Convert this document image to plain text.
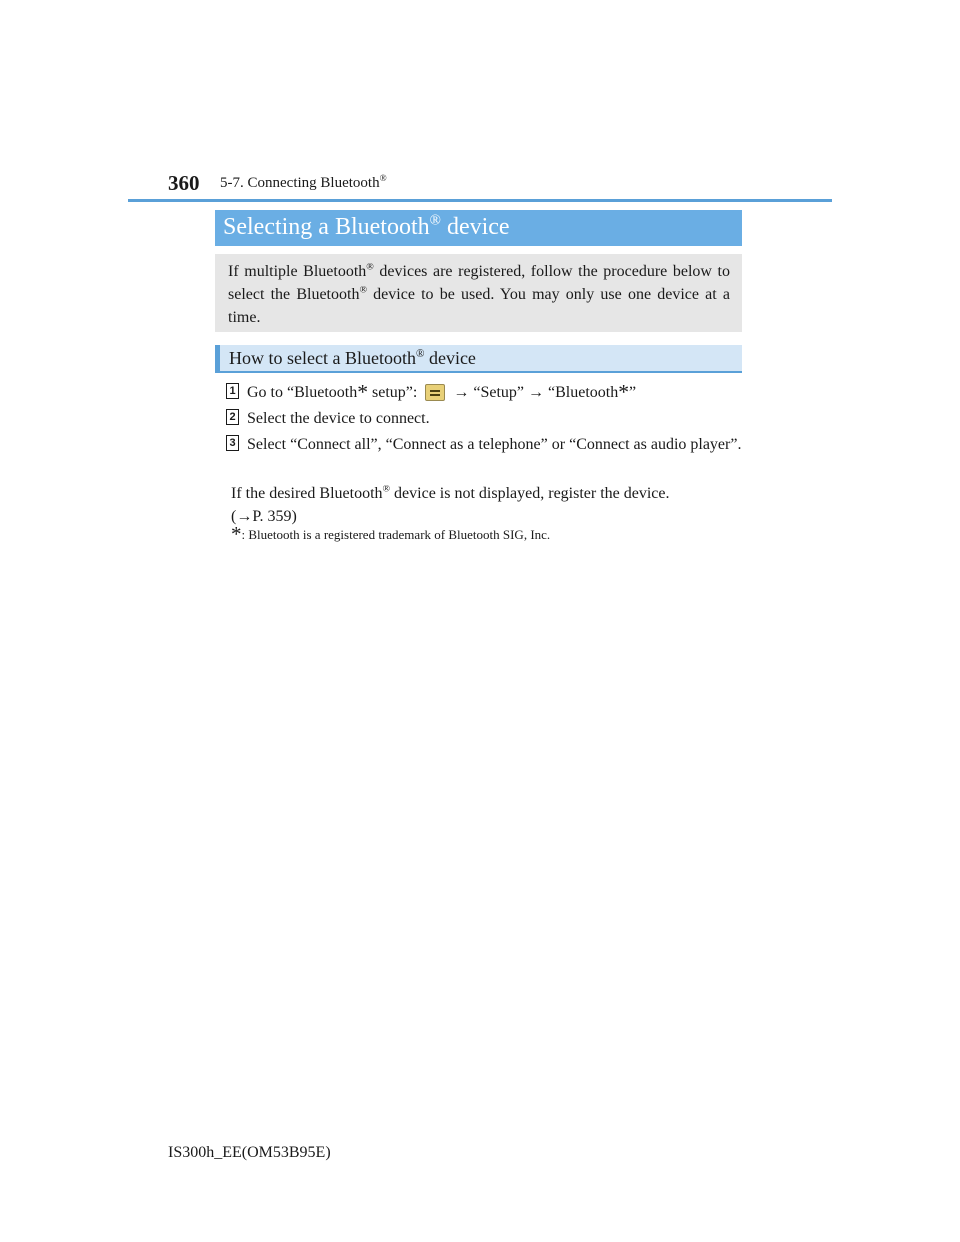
360 5-7. Connecting Bluetooth®
Selecting a Bluetooth® device
If multiple Bluetooth® devices are registered, follow the procedure below to select the Bluetooth® device to be used. You may only use one device at a time.
How to select a Bluetooth® device
1 Go to “Bluetooth* setup”:  → “Setup” → “Bluetooth*”
2 Select the device to connect.
3 Select “Connect all”, “Connect as a telephone” or “Connect as audio player”.
If the desired Bluetooth® device is not displayed, register the device.
(→P. 359)
*: Bluetooth is a registered trademark of Bluetooth SIG, Inc.
IS300h_EE(OM53B95E)
